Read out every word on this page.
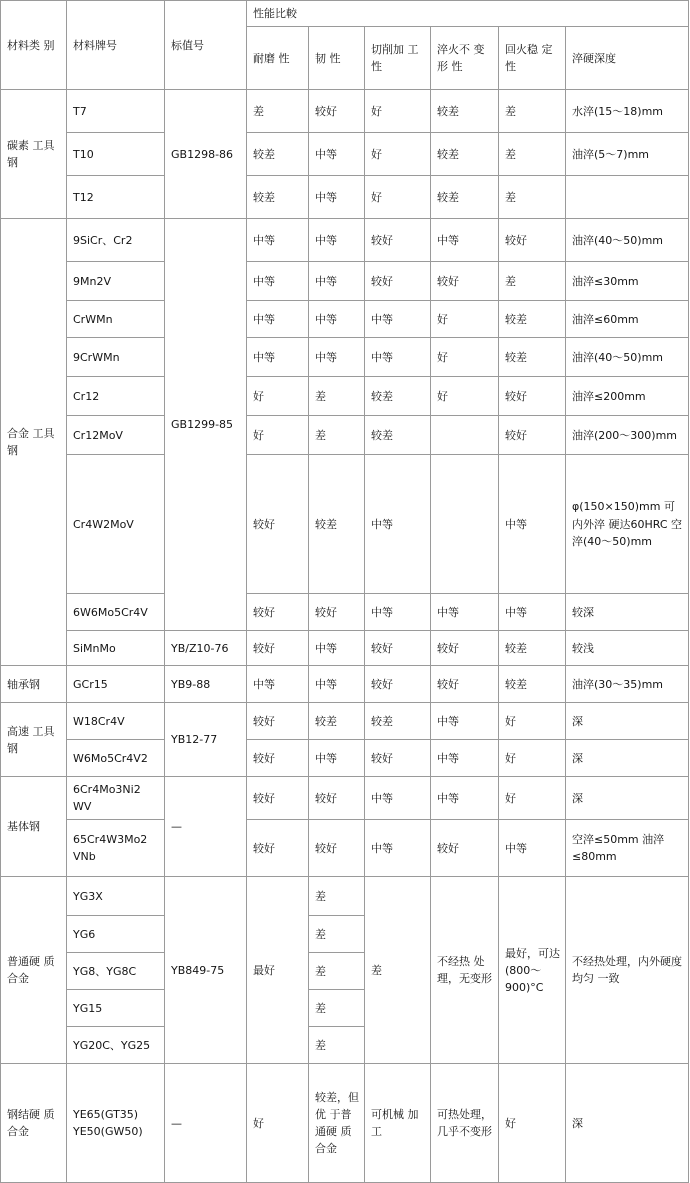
材料类 别	材料牌号	标值号	性能比較					
			耐磨 性	韧 性	切削加 工性	淬火不 变形 性	回火稳 定性	淬硬深度
碳素 工具钢	T7	GB1298-86	差	较好	好	较差	差	水淬(15～18)mm
	T10		较差	中等	好	较差	差	油淬(5～7)mm
	T12		较差	中等	好	较差	差	
合金 工具钢	9SiCr、Cr2	GB1299-85	中等	中等	较好	中等	较好	油淬(40～50)mm
	9Mn2V		中等	中等	较好	较好	差	油淬≤30mm
	CrWMn		中等	中等	中等	好	较差	油淬≤60mm
	9CrWMn		中等	中等	中等	好	较差	油淬(40～50)mm
	Cr12		好	差	较差	好	较好	油淬≤200mm
	Cr12MoV		好	差	较差		较好	油淬(200～300)mm
	Cr4W2MoV		较好	较差	中等		中等	φ(150×150)mm 可内外淬 硬达60HRC 空 淬(40～50)mm
	6W6Mo5Cr4V		较好	较好	中等	中等	中等	较深
	SiMnMo	YB/Z10-76	较好	中等	较好	较好	较差	较浅
轴承钢	GCr15	YB9-88	中等	中等	较好	较好	较差	油淬(30～35)mm
高速 工具钢	W18Cr4V	YB12-77	较好	较差	较差	中等	好	深
	W6Mo5Cr4V2		较好	中等	较好	中等	好	深
基体钢	6Cr4Mo3Ni2 WV	—	较好	较好	中等	中等	好	深
	65Cr4W3Mo2 VNb		较好	较好	中等	较好	中等	空淬≤50mm 油淬≤80mm
普通硬 质合金	YG3X	YB849-75	最好	差	差	不经热 处理，无变形	最好，可达(800～900)°C	不经热处理，内外硬度均匀 一致
	YG6			差				
	YG8、YG8C			差				
	YG15			差				
	YG20C、YG25			差				
钢结硬 质合金	YE65(GT35) YE50(GW50)	—	好	较差，但优 于普通硬 质合金	可机械 加工	可热处理，几乎不变形	好	深
